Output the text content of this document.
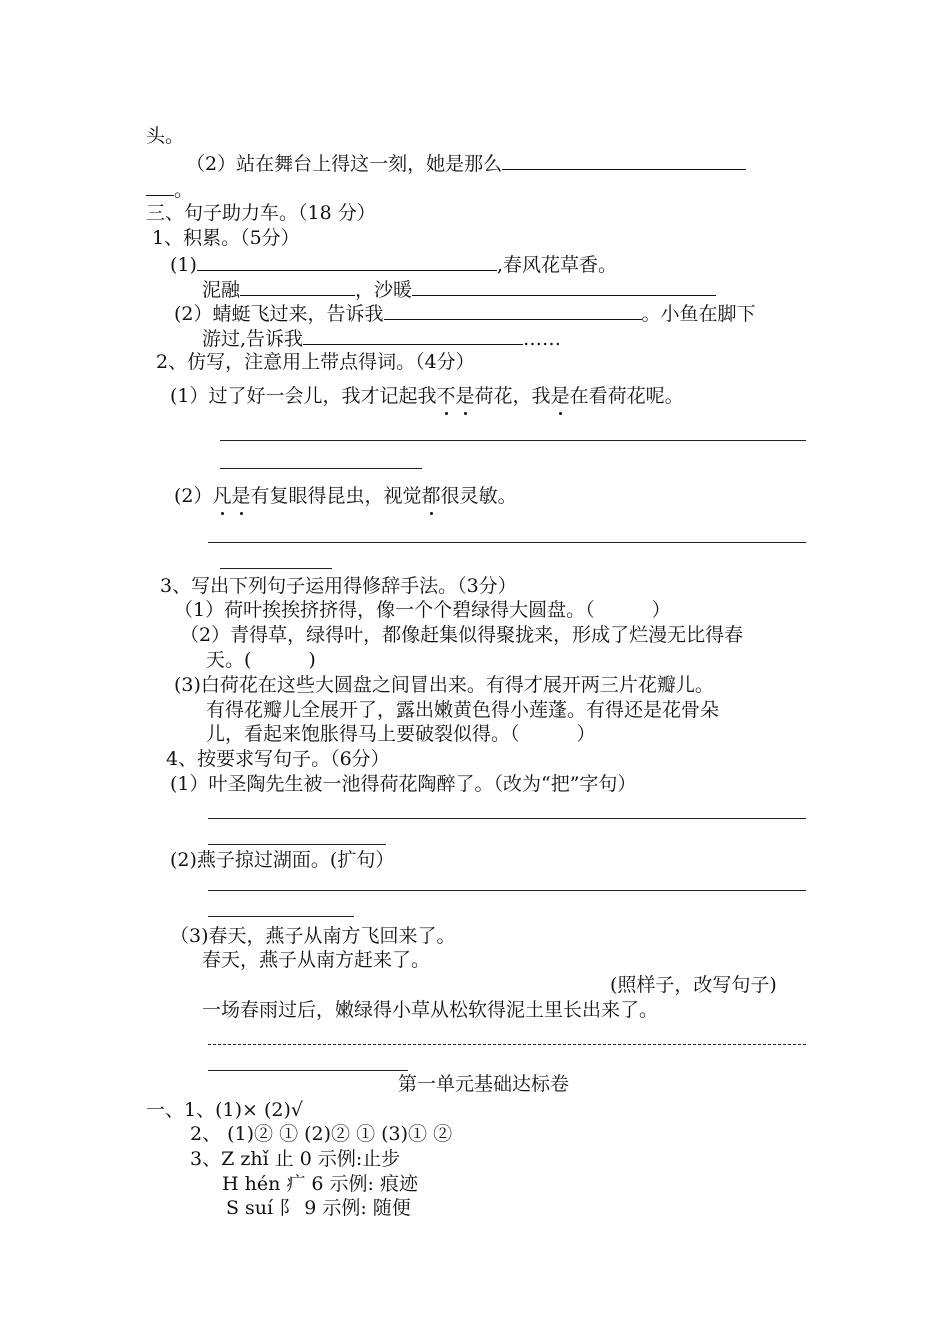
头。
（2）站在舞台上得这一刻，她是那么
。
三、句子助力车。（18 分）
1、积累。（5分）
(1)	,春风花草香。
泥融	，沙暖
(2）蜻蜓飞过来，告诉我	。小鱼在脚下
游过,告诉我	……
2、仿写，注意用上带点得词。（4分）
(1）过了好一会儿，我才记起我不是荷花，我是在看荷花呢。
(2）凡是有复眼得昆虫，视觉都很灵敏。
3、写出下列句子运用得修辞手法。（3分）
（1）荷叶挨挨挤挤得，像一个个碧绿得大圆盘。（　　　）
（2）青得草，绿得叶，都像赶集似得聚拢来，形成了烂漫无比得春
天。(　　　)
(3)白荷花在这些大圆盘之间冒出来。有得才展开两三片花瓣儿。
有得花瓣儿全展开了，露出嫩黄色得小莲蓬。有得还是花骨朵
儿，看起来饱胀得马上要破裂似得。（　　　）
4、按要求写句子。（6分）
(1）叶圣陶先生被一池得荷花陶醉了。（改为“把”字句）
(2)燕子掠过湖面。(扩句）
（3)春天，燕子从南方飞回来了。
春天，燕子从南方赶来了。
(照样子，改写句子)
一场春雨过后，嫩绿得小草从松软得泥土里长出来了。
第一单元基础达标卷
一、1、(1)× (2)√
2、 (1)② ① (2)② ① (3)① ②
3、Z zhǐ 止 0 示例:止步
H hén 疒 6 示例: 痕迹
S suí 阝 9 示例: 随便
